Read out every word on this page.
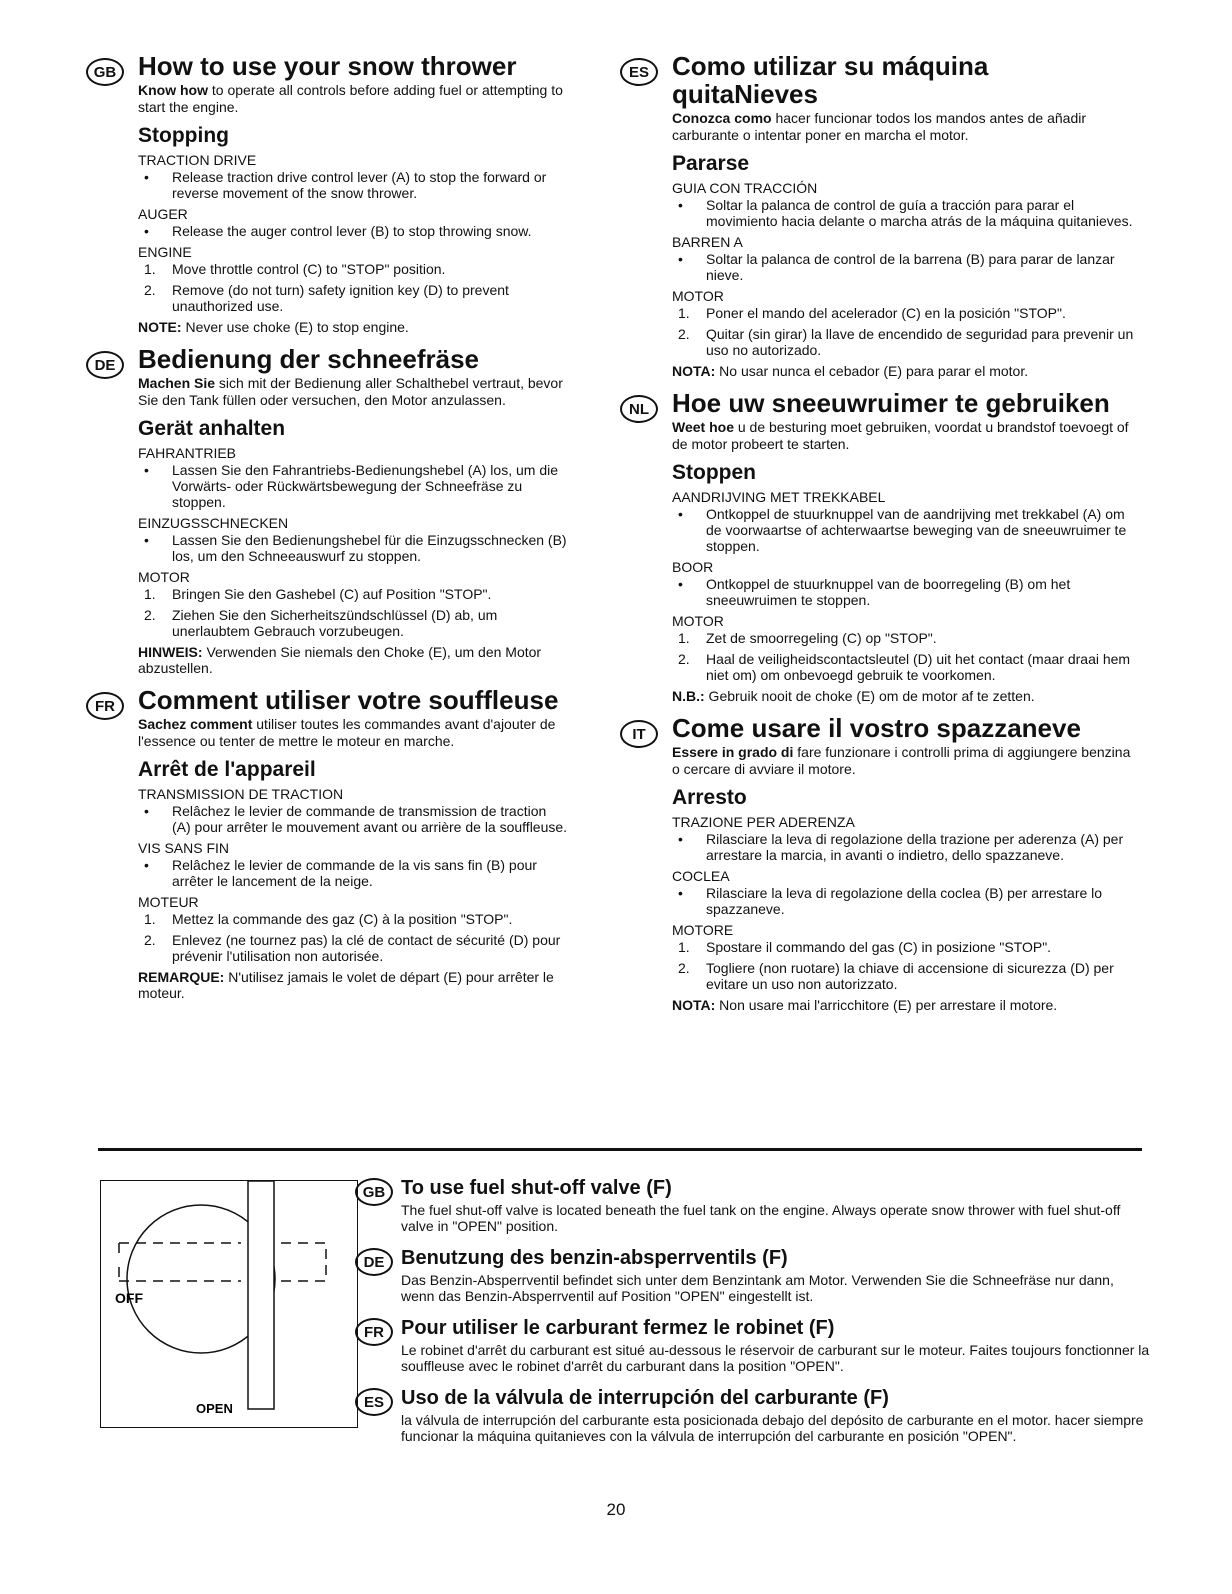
GB How to use your snow thrower

Know how to operate all controls before adding fuel or attempting to start the engine.

Stopping

TRACTION DRIVE

• Release traction drive control lever (A) to stop the forward or reverse movement of the snow thrower.

AUGER

• Release the auger control lever (B) to stop throwing snow.

ENGINE

1. Move throttle control (C) to "STOP" position.

2. Remove (do not turn) safety ignition key (D) to prevent unauthorized use.

NOTE: Never use choke (E) to stop engine.

DE Bedienung der schneefräse

Machen Sie sich mit der Bedienung aller Schalthebel vertraut, bevor Sie den Tank füllen oder versuchen, den Motor anzulassen.

Gerät anhalten

FAHRANTRIEB

• Lassen Sie den Fahrantriebs-Bedienungshebel (A) los, um die Vorwärts- oder Rückwärtsbewegung der Schneefräse zu stoppen.

EINZUGSSCHNECKEN

• Lassen Sie den Bedienungshebel für die Einzugsschnecken (B) los, um den Schneeauswurf zu stoppen.

MOTOR

1. Bringen Sie den Gashebel (C) auf Position "STOP".

2. Ziehen Sie den Sicherheitszündschlüssel (D) ab, um unerlaubtem Gebrauch vorzubeugen.

HINWEIS: Verwenden Sie niemals den Choke (E), um den Motor abzustellen.

FR Comment utiliser votre souffleuse

Sachez comment utiliser toutes les commandes avant d'ajouter de l'essence ou tenter de mettre le moteur en marche.

Arrêt de l'appareil

TRANSMISSION DE TRACTION

• Relâchez le levier de commande de transmission de traction (A) pour arrêter le mouvement avant ou arrière de la souffleuse.

VIS SANS FIN

• Relâchez le levier de commande de la vis sans fin (B) pour arrêter le lancement de la neige.

MOTEUR

1. Mettez la commande des gaz (C) à la position "STOP".

2. Enlevez (ne tournez pas) la clé de contact de sécurité (D) pour prévenir l'utilisation non autorisée.

REMARQUE: N'utilisez jamais le volet de départ (E) pour arrêter le moteur.

ES Como utilizar su máquina quitaNieves

Conozca como hacer funcionar todos los mandos antes de añadir carburante o intentar poner en marcha el motor.

Pararse

GUIA CON TRACCIÓN

• Soltar la palanca de control de guía a tracción para parar el movimiento hacia delante o marcha atrás de la máquina quitanieves.

BARREN A

• Soltar la palanca de control de la barrena (B) para parar de lanzar nieve.

MOTOR

1. Poner el mando del acelerador (C) en la posición "STOP".

2. Quitar (sin girar) la llave de encendido de seguridad para prevenir un uso no autorizado.

NOTA: No usar nunca el cebador (E) para parar el motor.

NL Hoe uw sneeuwruimer te gebruiken

Weet hoe u de besturing moet gebruiken, voordat u brandstof toevoegt of de motor probeert te starten.

Stoppen

AANDRIJVING MET TREKKABEL

• Ontkoppel de stuurknuppel van de aandrijving met trekkabel (A) om de voorwaartse of achterwaartse beweging van de sneeuwruimer te stoppen.

BOOR

• Ontkoppel de stuurknuppel van de boorregeling (B) om het sneeuwruimen te stoppen.

MOTOR

1. Zet de smoorregeling (C) op "STOP".

2. Haal de veiligheidscontactsleutel (D) uit het contact (maar draai hem niet om) om onbevoegd gebruik te voorkomen.

N.B.: Gebruik nooit de choke (E) om de motor af te zetten.

IT	Come usare il vostro spazzaneve

Essere in grado di fare funzionare i controlli prima di aggiungere benzina o cercare di avviare il motore.

Arresto

TRAZIONE PER ADERENZA

• Rilasciare la leva di regolazione della trazione per aderenza (A) per arrestare la marcia, in avanti o indietro, dello spazzaneve.

COCLEA

• Rilasciare la leva di regolazione della coclea (B) per arrestare lo spazzaneve.

MOTORE

1. Spostare il commando del gas (C) in posizione "STOP".

2. Togliere (non ruotare) la chiave di accensione di sicurezza (D) per evitare un uso non autorizzato.

NOTA: Non usare mai l'arricchitore (E) per arrestare il motore.

OFF
OPEN
GB To use fuel shut-off valve (F)

The fuel shut-off valve is located beneath the fuel tank on the engine. Always operate snow thrower with fuel shut-off valve in "OPEN" position.

DE Benutzung des benzin-absperrventils (F)

Das Benzin-Absperrventil befindet sich unter dem Benzintank am Motor. Verwenden Sie die Schneefräse nur dann, wenn das Benzin-Absperrventil auf Position "OPEN" eingestellt ist.

FR Pour utiliser le carburant fermez le robinet (F)

Le robinet d'arrêt du carburant est situé au-dessous le réservoir de carburant sur le moteur. Faites toujours fonctionner la souffleuse avec le robinet d'arrêt du carburant dans la position "OPEN".

ES Uso de la válvula de interrupción del carburante (F)

la válvula de interrupción del carburante esta posicionada debajo del depósito de carburante en el motor. hacer siempre funcionar la máquina quitanieves con la válvula de interrupción del carburante en posición "OPEN".

20
